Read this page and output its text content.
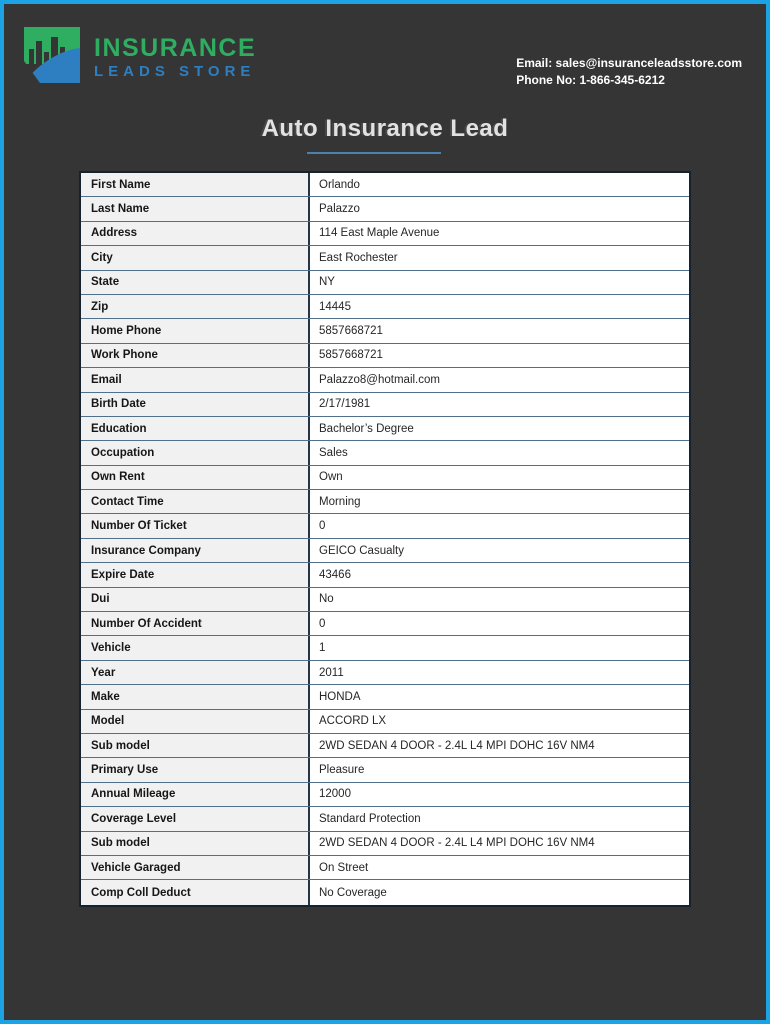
INSURANCE
LEADS STORE	Email: sales@insuranceleadsstore.com
Phone No: 1-866-345-6212
Auto Insurance Lead
First Name	Orlando
Last Name	Palazzo
Address	114 East Maple Avenue
City	East Rochester
State	NY
Zip	14445
Home Phone	5857668721
Work Phone	5857668721
Email	Palazzo8@hotmail.com
Birth Date	2/17/1981
Education	Bachelor’s Degree
Occupation	Sales
Own Rent	Own
Contact Time	Morning
Number Of Ticket	0
Insurance Company	GEICO Casualty
Expire Date	43466
Dui	No
Number Of Accident	0
Vehicle	1
Year	2011
Make	HONDA
Model	ACCORD LX
Sub model	2WD SEDAN 4 DOOR - 2.4L L4 MPI DOHC 16V NM4
Primary Use	Pleasure
Annual Mileage	12000
Coverage Level	Standard Protection
Sub model	2WD SEDAN 4 DOOR - 2.4L L4 MPI DOHC 16V NM4
Vehicle Garaged	On Street
Comp Coll Deduct	No Coverage
